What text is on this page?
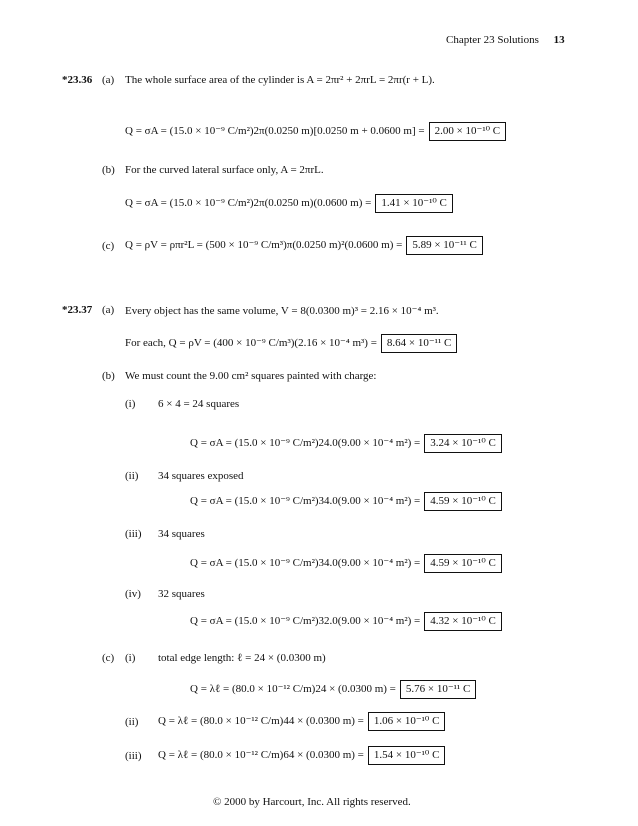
Chapter 23 Solutions 13
*23.36 (a) The whole surface area of the cylinder is A = 2πr² + 2πrL = 2πr(r + L).
Q = σA = (15.0 × 10⁻⁹ C/m²)2π(0.0250 m)[0.0250 m + 0.0600 m] = 2.00 × 10⁻¹⁰ C
(b) For the curved lateral surface only, A = 2πrL.
Q = σA = (15.0 × 10⁻⁹ C/m²)2π(0.0250 m)(0.0600 m) = 1.41 × 10⁻¹⁰ C
(c) Q = ρV = ρπr²L = (500 × 10⁻⁹ C/m³)π(0.0250 m)²(0.0600 m) = 5.89 × 10⁻¹¹ C
*23.37 (a) Every object has the same volume, V = 8(0.0300 m)³ = 2.16 × 10⁻⁴ m³.
For each, Q = ρV = (400 × 10⁻⁹ C/m³)(2.16 × 10⁻⁴ m³) = 8.64 × 10⁻¹¹ C
(b) We must count the 9.00 cm² squares painted with charge:
(i) 6 × 4 = 24 squares
Q = σA = (15.0 × 10⁻⁹ C/m²)24.0(9.00 × 10⁻⁴ m²) = 3.24 × 10⁻¹⁰ C
(ii) 34 squares exposed
Q = σA = (15.0 × 10⁻⁹ C/m²)34.0(9.00 × 10⁻⁴ m²) = 4.59 × 10⁻¹⁰ C
(iii) 34 squares
Q = σA = (15.0 × 10⁻⁹ C/m²)34.0(9.00 × 10⁻⁴ m²) = 4.59 × 10⁻¹⁰ C
(iv) 32 squares
Q = σA = (15.0 × 10⁻⁹ C/m²)32.0(9.00 × 10⁻⁴ m²) = 4.32 × 10⁻¹⁰ C
(c) (i) total edge length: ℓ = 24 × (0.0300 m)
Q = λℓ = (80.0 × 10⁻¹² C/m)24 × (0.0300 m) = 5.76 × 10⁻¹¹ C
(ii) Q = λℓ = (80.0 × 10⁻¹² C/m)44 × (0.0300 m) = 1.06 × 10⁻¹⁰ C
(iii) Q = λℓ = (80.0 × 10⁻¹² C/m)64 × (0.0300 m) = 1.54 × 10⁻¹⁰ C
© 2000 by Harcourt, Inc. All rights reserved.
